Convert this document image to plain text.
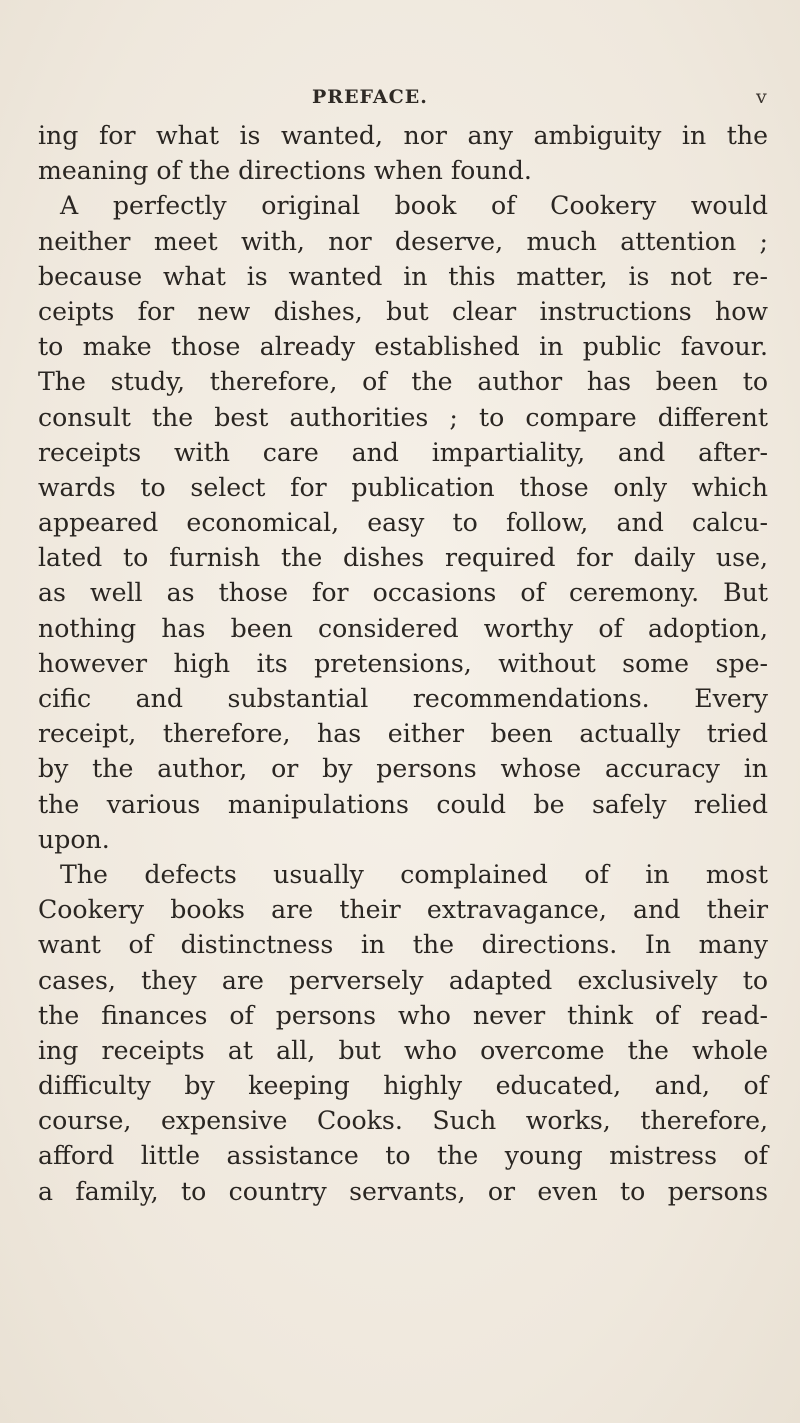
PREFACE.	v
ing for what is wanted, nor any ambiguity in the
meaning of the directions when found.
A perfectly original book of Cookery would
neither meet with, nor deserve, much attention ;
because what is wanted in this matter, is not re-
ceipts for new dishes, but clear instructions how
to make those already established in public favour.
The study, therefore, of the author has been to
consult the best authorities ; to compare different
receipts with care and impartiality, and after-
wards to select for publication those only which
appeared economical, easy to follow, and calcu-
lated to furnish the dishes required for daily use,
as well as those for occasions of ceremony. But
nothing has been considered worthy of adoption,
however high its pretensions, without some spe-
cific and substantial recommendations. Every
receipt, therefore, has either been actually tried
by the author, or by persons whose accuracy in
the various manipulations could be safely relied
upon.
The defects usually complained of in most
Cookery books are their extravagance, and their
want of distinctness in the directions. In many
cases, they are perversely adapted exclusively to
the finances of persons who never think of read-
ing receipts at all, but who overcome the whole
difficulty by keeping highly educated, and, of
course, expensive Cooks. Such works, therefore,
afford little assistance to the young mistress of
a family, to country servants, or even to persons
